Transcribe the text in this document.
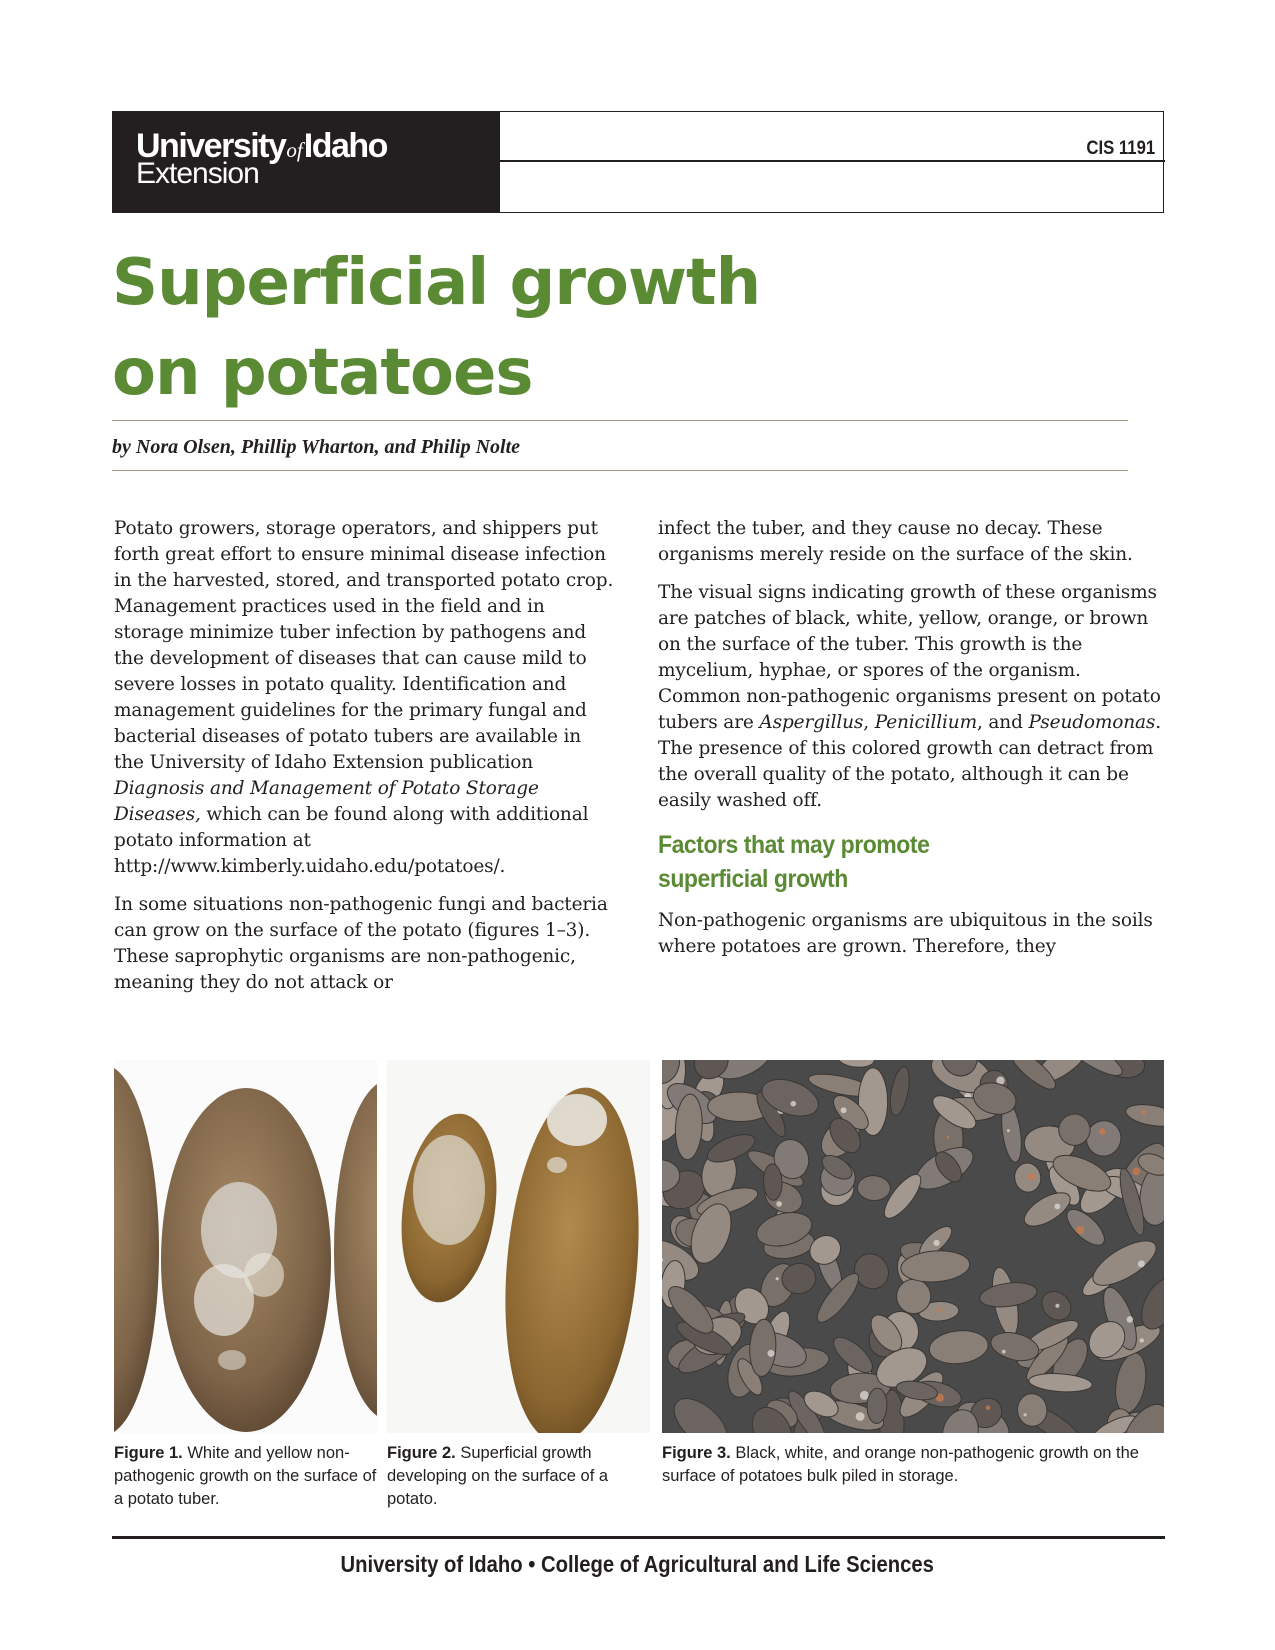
UniversityofIdaho
Extension
CIS 1191
Superficial growth
on potatoes
by Nora Olsen, Phillip Wharton, and Philip Nolte

Potato growers, storage operators, and shippers put forth great effort to ensure minimal disease infection in the harvested, stored, and transported potato crop. Management practices used in the field and in storage minimize tuber infection by pathogens and the development of diseases that can cause mild to severe losses in potato quality. Identification and management guidelines for the primary fungal and bacterial diseases of potato tubers are available in the University of Idaho Extension publication Diagnosis and Management of Potato Storage Diseases, which can be found along with additional potato information at http://www.kimberly.uidaho.edu/potatoes/.

In some situations non-pathogenic fungi and bacteria can grow on the surface of the potato (figures 1–3). These saprophytic organisms are non-pathogenic, meaning they do not attack or

infect the tuber, and they cause no decay. These organisms merely reside on the surface of the skin.

The visual signs indicating growth of these organisms are patches of black, white, yellow, orange, or brown on the surface of the tuber. This growth is the mycelium, hyphae, or spores of the organism. Common non-pathogenic organisms present on potato tubers are Aspergillus, Penicillium, and Pseudomonas. The presence of this colored growth can detract from the overall quality of the potato, although it can be easily washed off.

Factors that may promote
superficial growth

Non-pathogenic organisms are ubiquitous in the soils where potatoes are grown. Therefore, they

Figure 1. White and yellow non-pathogenic growth on the surface of a potato tuber.
Figure 2. Superficial growth developing on the surface of a potato.
Figure 3. Black, white, and orange non-pathogenic growth on the surface of potatoes bulk piled in storage.
University of Idaho • College of Agricultural and Life Sciences
